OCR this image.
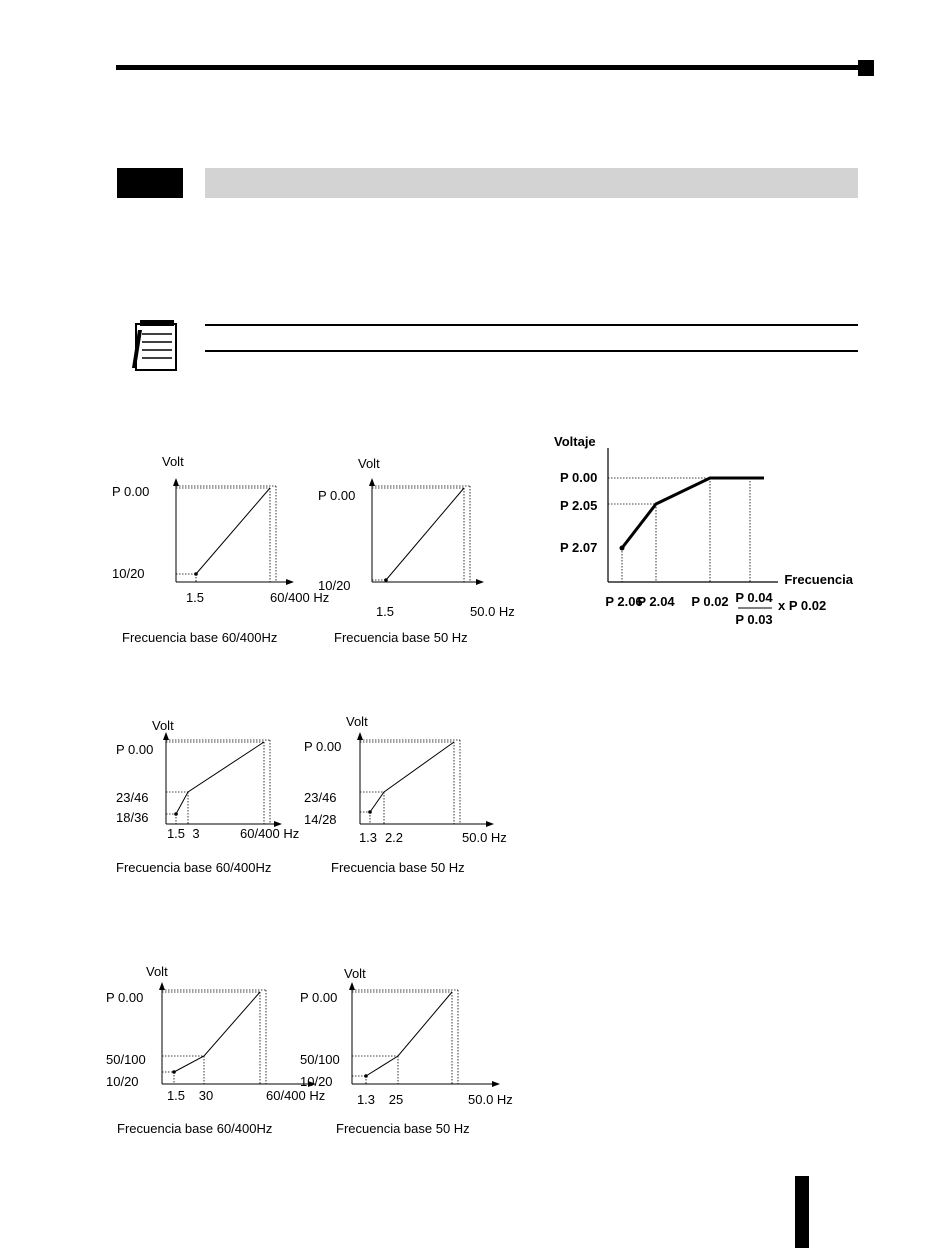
Volt
P 0.00
10/20
1.5	60/400 Hz
Frecuencia base 60/400Hz
Volt
P 0.00
10/20
1.5	50.0 Hz
Frecuencia base 50 Hz
Volt
P 0.00
23/46
18/36
1.5 3	60/400 Hz
Frecuencia base 60/400Hz
Volt
P 0.00
23/46
14/28
1.3 2.2	50.0 Hz
Frecuencia base 50 Hz
Volt
P 0.00
50/100
10/20
1.5 30	60/400 Hz
Frecuencia base 60/400Hz
Volt
P 0.00
50/100
10/20
1.3 25	50.0 Hz
Frecuencia base 50 Hz
Voltaje
Frecuencia
P 0.00
P 2.05
P 2.07
P 2.06
P 2.04 P 0.02 P 0.04
P 0.03
x P 0.02
